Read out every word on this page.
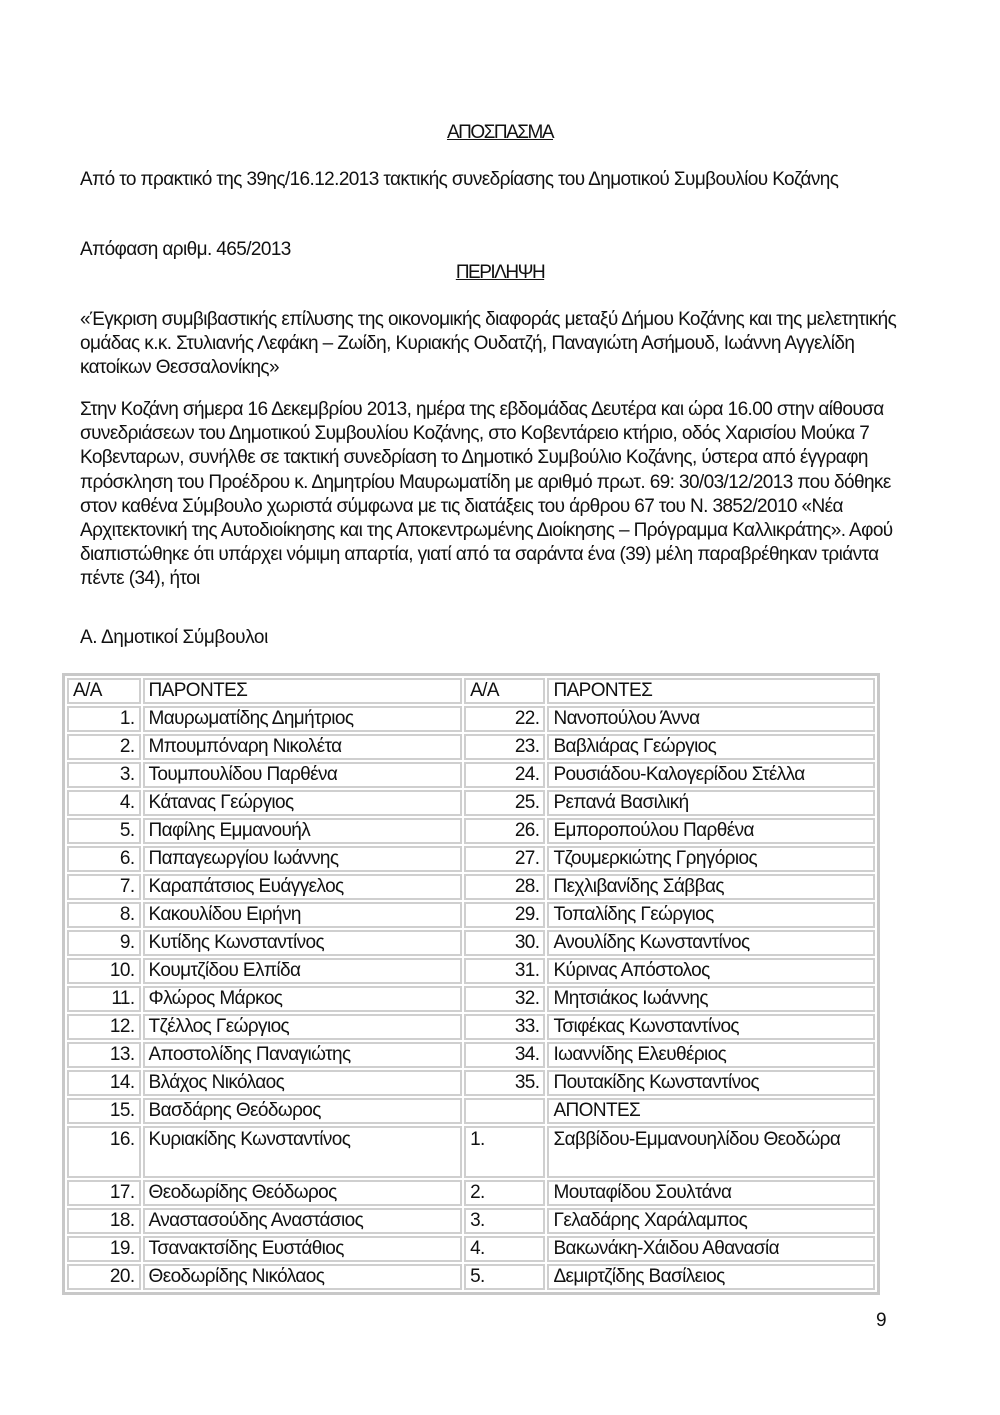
ΑΠΟΣΠΑΣΜΑ
Από το πρακτικό της 39ης/16.12.2013 τακτικής συνεδρίασης του Δημοτικού Συμβουλίου Κοζάνης
Απόφαση αριθμ. 465/2013
ΠΕΡΙΛΗΨΗ
«Έγκριση συμβιβαστικής επίλυσης της οικονομικής διαφοράς μεταξύ Δήμου Κοζάνης και της μελετητικής ομάδας κ.κ. Στυλιανής Λεφάκη – Ζωίδη, Κυριακής Ουδατζή, Παναγιώτη Ασήμουδ, Ιωάννη Αγγελίδη κατοίκων Θεσσαλονίκης»
Στην Κοζάνη σήμερα 16 Δεκεμβρίου 2013, ημέρα της εβδομάδας Δευτέρα και ώρα 16.00 στην αίθουσα συνεδριάσεων του Δημοτικού Συμβουλίου Κοζάνης, στο Κοβεντάρειο κτήριο, οδός Χαρισίου Μούκα 7 Κοβενταρων, συνήλθε σε τακτική συνεδρίαση το Δημοτικό Συμβούλιο Κοζάνης, ύστερα από έγγραφη πρόσκληση του Προέδρου κ. Δημητρίου Μαυρωματίδη με αριθμό πρωτ. 69: 30/03/12/2013 που δόθηκε στον καθένα Σύμβουλο χωριστά σύμφωνα με τις διατάξεις του άρθρου 67 του Ν. 3852/2010 «Νέα Αρχιτεκτονική της Αυτοδιοίκησης και της Αποκεντρωμένης Διοίκησης – Πρόγραμμα Καλλικράτης». Αφού διαπιστώθηκε ότι υπάρχει νόμιμη απαρτία, γιατί από τα σαράντα ένα (39) μέλη παραβρέθηκαν τριάντα πέντε (34), ήτοι
Α. Δημοτικοί Σύμβουλοι
Α/Α	ΠΑΡΟΝΤΕΣ	Α/Α	ΠΑΡΟΝΤΕΣ
1.	Μαυρωματίδης Δημήτριος	22.	Νανοπούλου Άννα
2.	Μπουμπόναρη Νικολέτα	23.	Βαβλιάρας Γεώργιος
3.	Τουμπουλίδου Παρθένα	24.	Ρουσιάδου-Καλογερίδου Στέλλα
4.	Κάτανας Γεώργιος	25.	Ρεπανά Βασιλική
5.	Παφίλης Εμμανουήλ	26.	Εμποροπούλου Παρθένα
6.	Παπαγεωργίου Ιωάννης	27.	Τζουμερκιώτης Γρηγόριος
7.	Καραπάτσιος Ευάγγελος	28.	Πεχλιβανίδης Σάββας
8.	Κακουλίδου Ειρήνη	29.	Τοπαλίδης Γεώργιος
9.	Κυτίδης Κωνσταντίνος	30.	Ανουλίδης Κωνσταντίνος
10.	Κουμτζίδου Ελπίδα	31.	Κύρινας Απόστολος
11.	Φλώρος Μάρκος	32.	Μητσιάκος Ιωάννης
12.	Τζέλλος Γεώργιος	33.	Τσιφέκας Κωνσταντίνος
13.	Αποστολίδης Παναγιώτης	34.	Ιωαννίδης Ελευθέριος
14.	Βλάχος Νικόλαος	35.	Πουτακίδης Κωνσταντίνος
15.	Βασδάρης Θεόδωρος		ΑΠΟΝΤΕΣ
16.	Κυριακίδης Κωνσταντίνος	1.	Σαββίδου-Εμμανουηλίδου Θεοδώρα
17.	Θεοδωρίδης Θεόδωρος	2.	Μουταφίδου Σουλτάνα
18.	Αναστασούδης Αναστάσιος	3.	Γελαδάρης Χαράλαμπος
19.	Τσανακτσίδης Ευστάθιος	4.	Βακωνάκη-Χάιδου Αθανασία
20.	Θεοδωρίδης Νικόλαος	5.	Δεμιρτζίδης Βασίλειος
9
